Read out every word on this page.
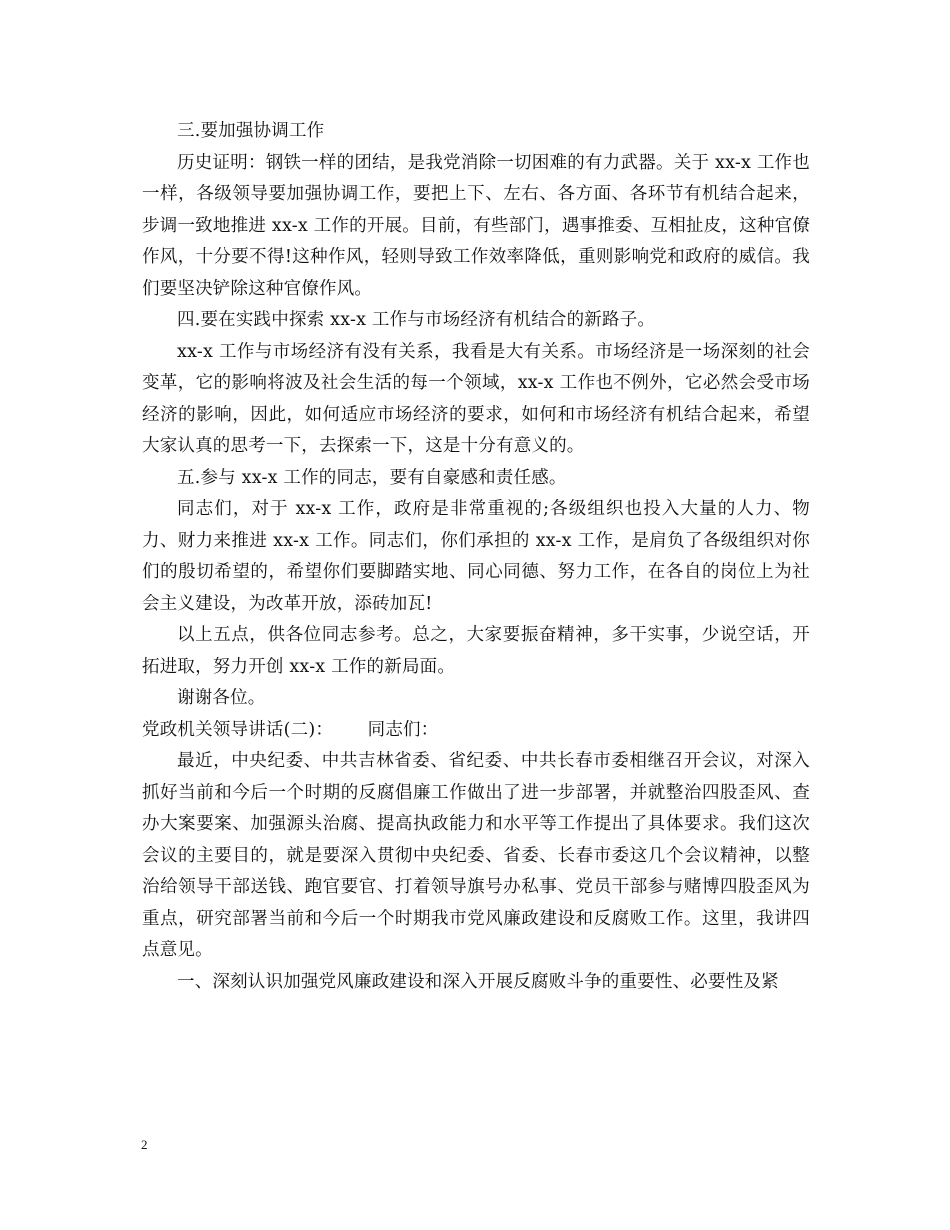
三.要加强协调工作

历史证明：钢铁一样的团结，是我党消除一切困难的有力武器。关于 xx-x 工作也一样，各级领导要加强协调工作，要把上下、左右、各方面、各环节有机结合起来，步调一致地推进 xx-x 工作的开展。目前，有些部门，遇事推委、互相扯皮，这种官僚作风，十分要不得!这种作风，轻则导致工作效率降低，重则影响党和政府的威信。我们要坚决铲除这种官僚作风。

四.要在实践中探索 xx-x 工作与市场经济有机结合的新路子。

xx-x 工作与市场经济有没有关系，我看是大有关系。市场经济是一场深刻的社会变革，它的影响将波及社会生活的每一个领域，xx-x 工作也不例外，它必然会受市场经济的影响，因此，如何适应市场经济的要求，如何和市场经济有机结合起来，希望大家认真的思考一下，去探索一下，这是十分有意义的。

五.参与 xx-x 工作的同志，要有自豪感和责任感。

同志们，对于 xx-x 工作，政府是非常重视的;各级组织也投入大量的人力、物力、财力来推进 xx-x 工作。同志们，你们承担的 xx-x 工作，是肩负了各级组织对你们的殷切希望的，希望你们要脚踏实地、同心同德、努力工作，在各自的岗位上为社会主义建设，为改革开放，添砖加瓦!

以上五点，供各位同志参考。总之，大家要振奋精神，多干实事，少说空话，开拓进取，努力开创 xx-x 工作的新局面。

谢谢各位。

党政机关领导讲话(二)：      同志们：

最近，中央纪委、中共吉林省委、省纪委、中共长春市委相继召开会议，对深入抓好当前和今后一个时期的反腐倡廉工作做出了进一步部署，并就整治四股歪风、查办大案要案、加强源头治腐、提高执政能力和水平等工作提出了具体要求。我们这次会议的主要目的，就是要深入贯彻中央纪委、省委、长春市委这几个会议精神，以整治给领导干部送钱、跑官要官、打着领导旗号办私事、党员干部参与赌博四股歪风为重点，研究部署当前和今后一个时期我市党风廉政建设和反腐败工作。这里，我讲四点意见。

一、深刻认识加强党风廉政建设和深入开展反腐败斗争的重要性、必要性及紧

2
